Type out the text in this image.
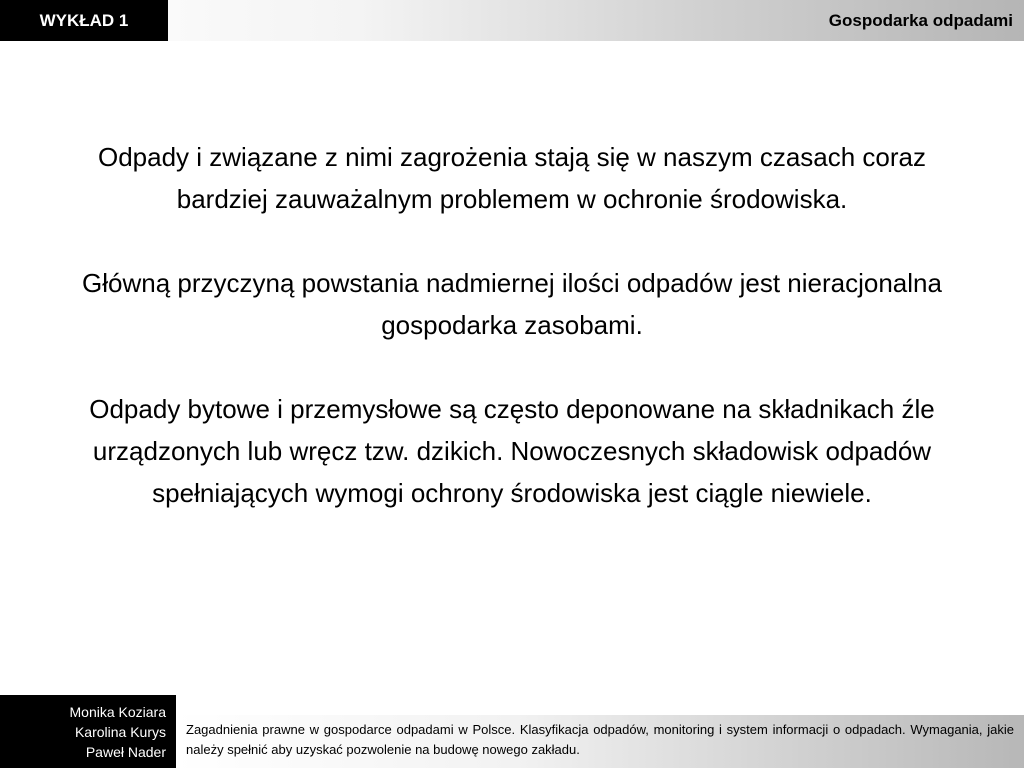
WYKŁAD 1	Gospodarka odpadami

Odpady i związane z nimi zagrożenia stają się w naszym czasach coraz bardziej zauważalnym problemem w ochronie środowiska.

Główną przyczyną powstania nadmiernej ilości odpadów jest nieracjonalna gospodarka zasobami.

Odpady bytowe i przemysłowe są często deponowane na składnikach źle urządzonych lub wręcz tzw. dzikich. Nowoczesnych składowisk odpadów spełniających wymogi ochrony środowiska jest ciągle niewiele.

Monika Koziara
Karolina Kurys
Paweł Nader
Zagadnienia prawne w gospodarce odpadami w Polsce. Klasyfikacja odpadów, monitoring i system informacji o odpadach. Wymagania, jakie należy spełnić aby uzyskać pozwolenie na budowę nowego zakładu.
